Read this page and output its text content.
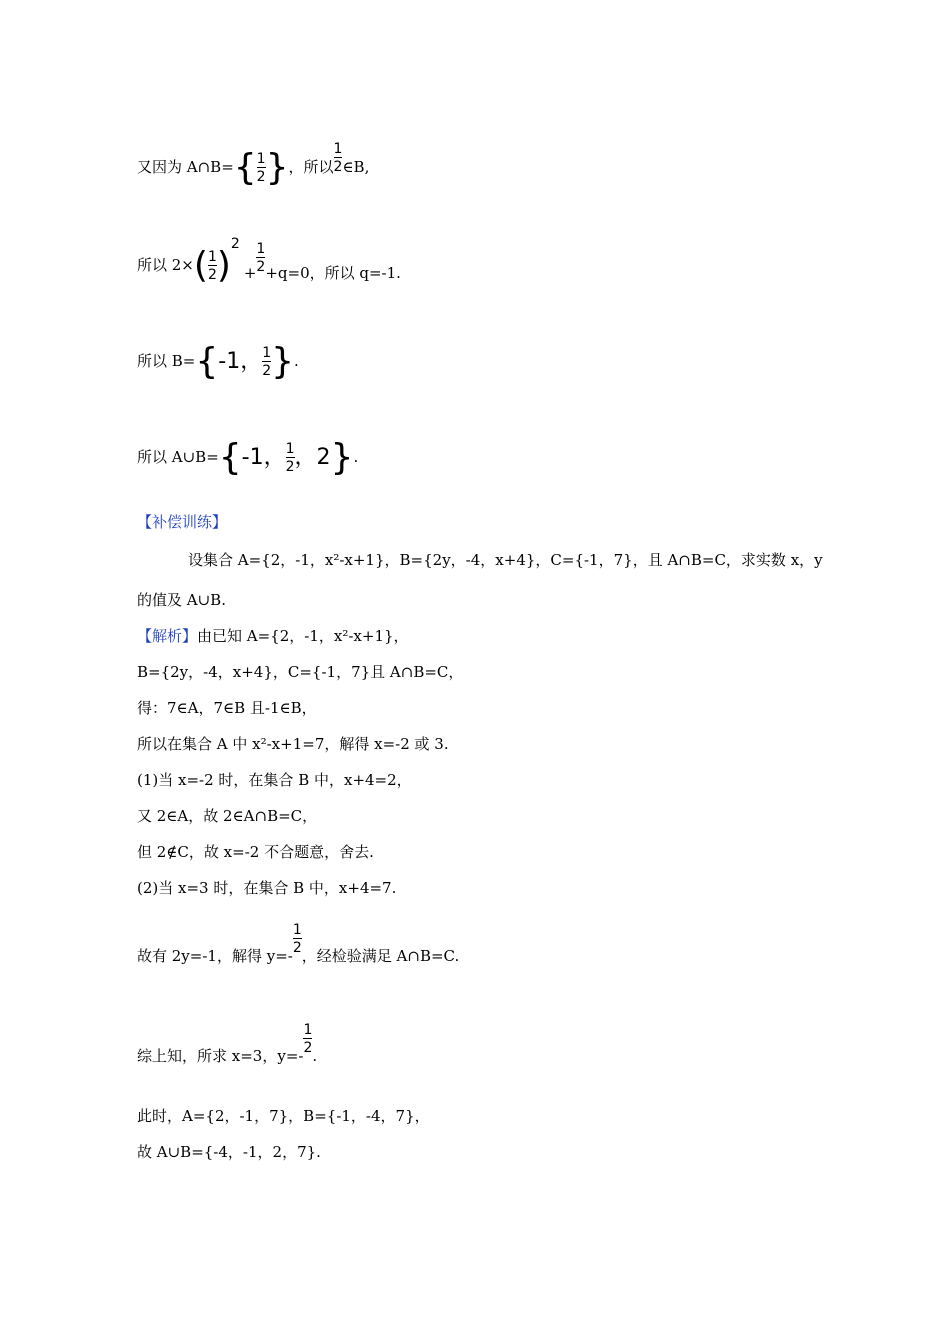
又因为 A∩B={ $\frac{1}{2}$ }，所以 $\frac{1}{2}$ ∈B,
所以 $2\times( \frac{1}{2} )2+ \frac{1}{2} +q=0$，所以 q=-1.
所以 B={-1， $\frac{1}{2}$ }.
所以 A∪B={-1， $\frac{1}{2}$ ，2}.
【补偿训练】
设集合 A={2，-1，x²-x+1}，B={2y，-4，x+4}，C={-1，7}，且 A∩B=C，求实数 x，y
的值及 A∪B.
【解析】由已知 A={2，-1，x²-x+1}，
B={2y，-4，x+4}，C={-1，7}且 A∩B=C，
得：7∈A，7∈B 且-1∈B，
所以在集合 A 中 x²-x+1=7，解得 x=-2 或 3.
(1)当 x=-2 时，在集合 B 中，x+4=2，
又 2∈A，故 2∈A∩B=C，
但 2∉C，故 x=-2 不合题意，舍去.
(2)当 x=3 时，在集合 B 中，x+4=7.
故有 2y=-1，解得 $y=- \frac{1}{2}$ ，经检验满足 A∩B=C.
综上知，所求 x=3，$y=- \frac{1}{2}$ .
此时，A={2，-1，7}，B={-1，-4，7}，
故 A∪B={-4，-1，2，7}.
